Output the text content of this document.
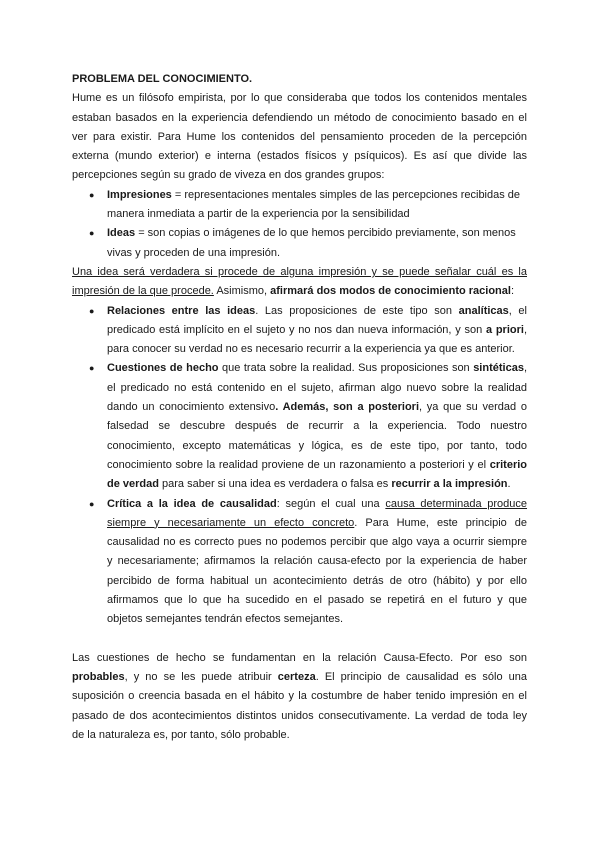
PROBLEMA DEL CONOCIMIENTO.
Hume es un filósofo empirista, por lo que consideraba que todos los contenidos mentales
estaban basados en la experiencia defendiendo un método de conocimiento basado en el
ver para existir. Para Hume los contenidos del pensamiento proceden de la percepción
externa (mundo exterior) e interna (estados físicos y psíquicos). Es así que divide las
percepciones según su grado de viveza en dos grandes grupos:
● Impresiones = representaciones mentales simples de las percepciones recibidas de
manera inmediata a partir de la experiencia por la sensibilidad
● Ideas = son copias o imágenes de lo que hemos percibido previamente, son menos
vivas y proceden de una impresión.
Una idea será verdadera si procede de alguna impresión y se puede señalar cuál es la
impresión de la que procede. Asimismo, afirmará dos modos de conocimiento racional:
● Relaciones entre las ideas. Las proposiciones de este tipo son analíticas, el
predicado está implícito en el sujeto y no nos dan nueva información, y son a priori,
para conocer su verdad no es necesario recurrir a la experiencia ya que es anterior.
● Cuestiones de hecho que trata sobre la realidad. Sus proposiciones son sintéticas,
el predicado no está contenido en el sujeto, afirman algo nuevo sobre la realidad
dando un conocimiento extensivo. Además, son a posteriori, ya que su verdad o
falsedad se descubre después de recurrir a la experiencia. Todo nuestro
conocimiento, excepto matemáticas y lógica, es de este tipo, por tanto, todo
conocimiento sobre la realidad proviene de un razonamiento a posteriori y el criterio
de verdad para saber si una idea es verdadera o falsa es recurrir a la impresión.
● Crítica a la idea de causalidad: según el cual una causa determinada produce
siempre y necesariamente un efecto concreto. Para Hume, este principio de
causalidad no es correcto pues no podemos percibir que algo vaya a ocurrir siempre
y necesariamente; afirmamos la relación causa-efecto por la experiencia de haber
percibido de forma habitual un acontecimiento detrás de otro (hábito) y por ello
afirmamos que lo que ha sucedido en el pasado se repetirá en el futuro y que
objetos semejantes tendrán efectos semejantes.
Las cuestiones de hecho se fundamentan en la relación Causa-Efecto. Por eso son
probables, y no se les puede atribuir certeza. El principio de causalidad es sólo una
suposición o creencia basada en el hábito y la costumbre de haber tenido impresión en el
pasado de dos acontecimientos distintos unidos consecutivamente. La verdad de toda ley
de la naturaleza es, por tanto, sólo probable.
